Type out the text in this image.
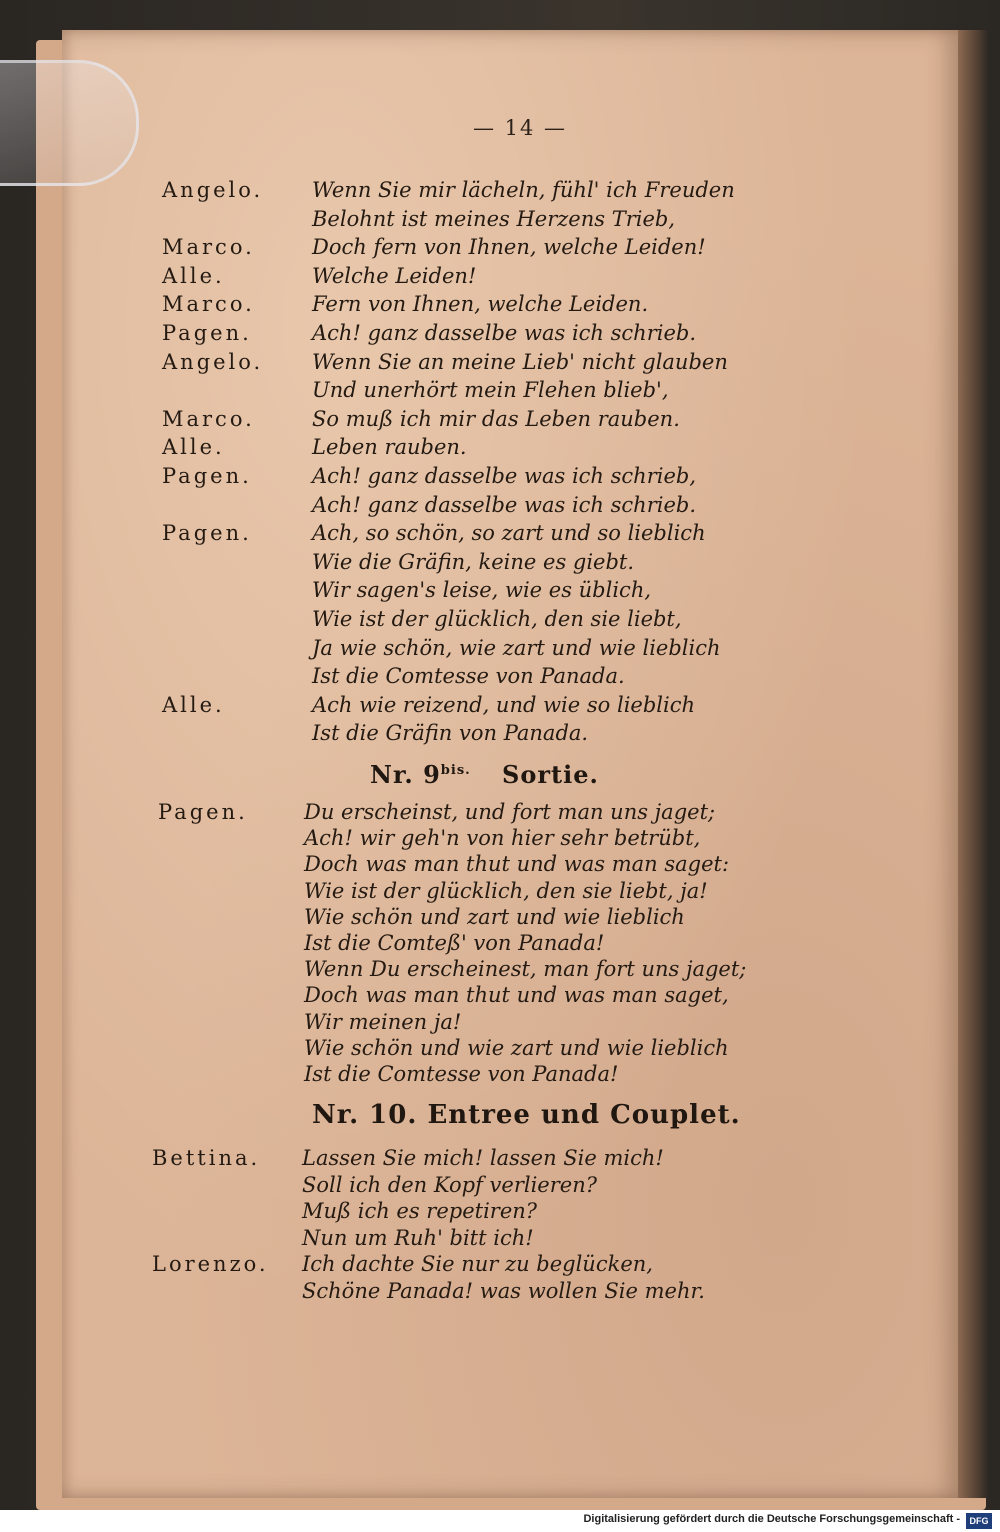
— 14 —
Angelo. Wenn Sie mir lächeln, fühl' ich Freuden
Belohnt ist meines Herzens Trieb,
Marco.	Doch fern von Ihnen, welche Leiden!
Alle.	Welche Leiden!
Marco.	Fern von Ihnen, welche Leiden.
Pagen.	Ach! ganz dasselbe was ich schrieb.
Angelo. Wenn Sie an meine Lieb' nicht glauben
Und unerhört mein Flehen blieb',
Marco.	So muß ich mir das Leben rauben.
Alle.	Leben rauben.
Pagen.	Ach! ganz dasselbe was ich schrieb,
Ach! ganz dasselbe was ich schrieb.
Pagen.	Ach, so schön, so zart und so lieblich
Wie die Gräfin, keine es giebt.
Wir sagen's leise, wie es üblich,
Wie ist der glücklich, den sie liebt,
Ja wie schön, wie zart und wie lieblich
Ist die Comtesse von Panada.
Alle.	Ach wie reizend, und wie so lieblich
Ist die Gräfin von Panada.
Nr. $9^{bis.}$ Sortie.
Pagen.	Du erscheinst, und fort man uns jaget;
Ach! wir geh'n von hier sehr betrübt,
Doch was man thut und was man saget:
Wie ist der glücklich, den sie liebt, ja!
Wie schön und zart und wie lieblich
Ist die Comteß' von Panada!
Wenn Du erscheinest, man fort uns jaget;
Doch was man thut und was man saget,
Wir meinen ja!
Wie schön und wie zart und wie lieblich
Ist die Comtesse von Panada!
Nr. 10. Entree und Couplet.
Bettina. Lassen Sie mich! lassen Sie mich!
Soll ich den Kopf verlieren?
Muß ich es repetiren?
Nun um Ruh' bitt ich!
Lorenzo. Ich dachte Sie nur zu beglücken,
Schöne Panada! was wollen Sie mehr.
Digitalisierung gefördert durch die Deutsche Forschungsgemeinschaft -	DFG
